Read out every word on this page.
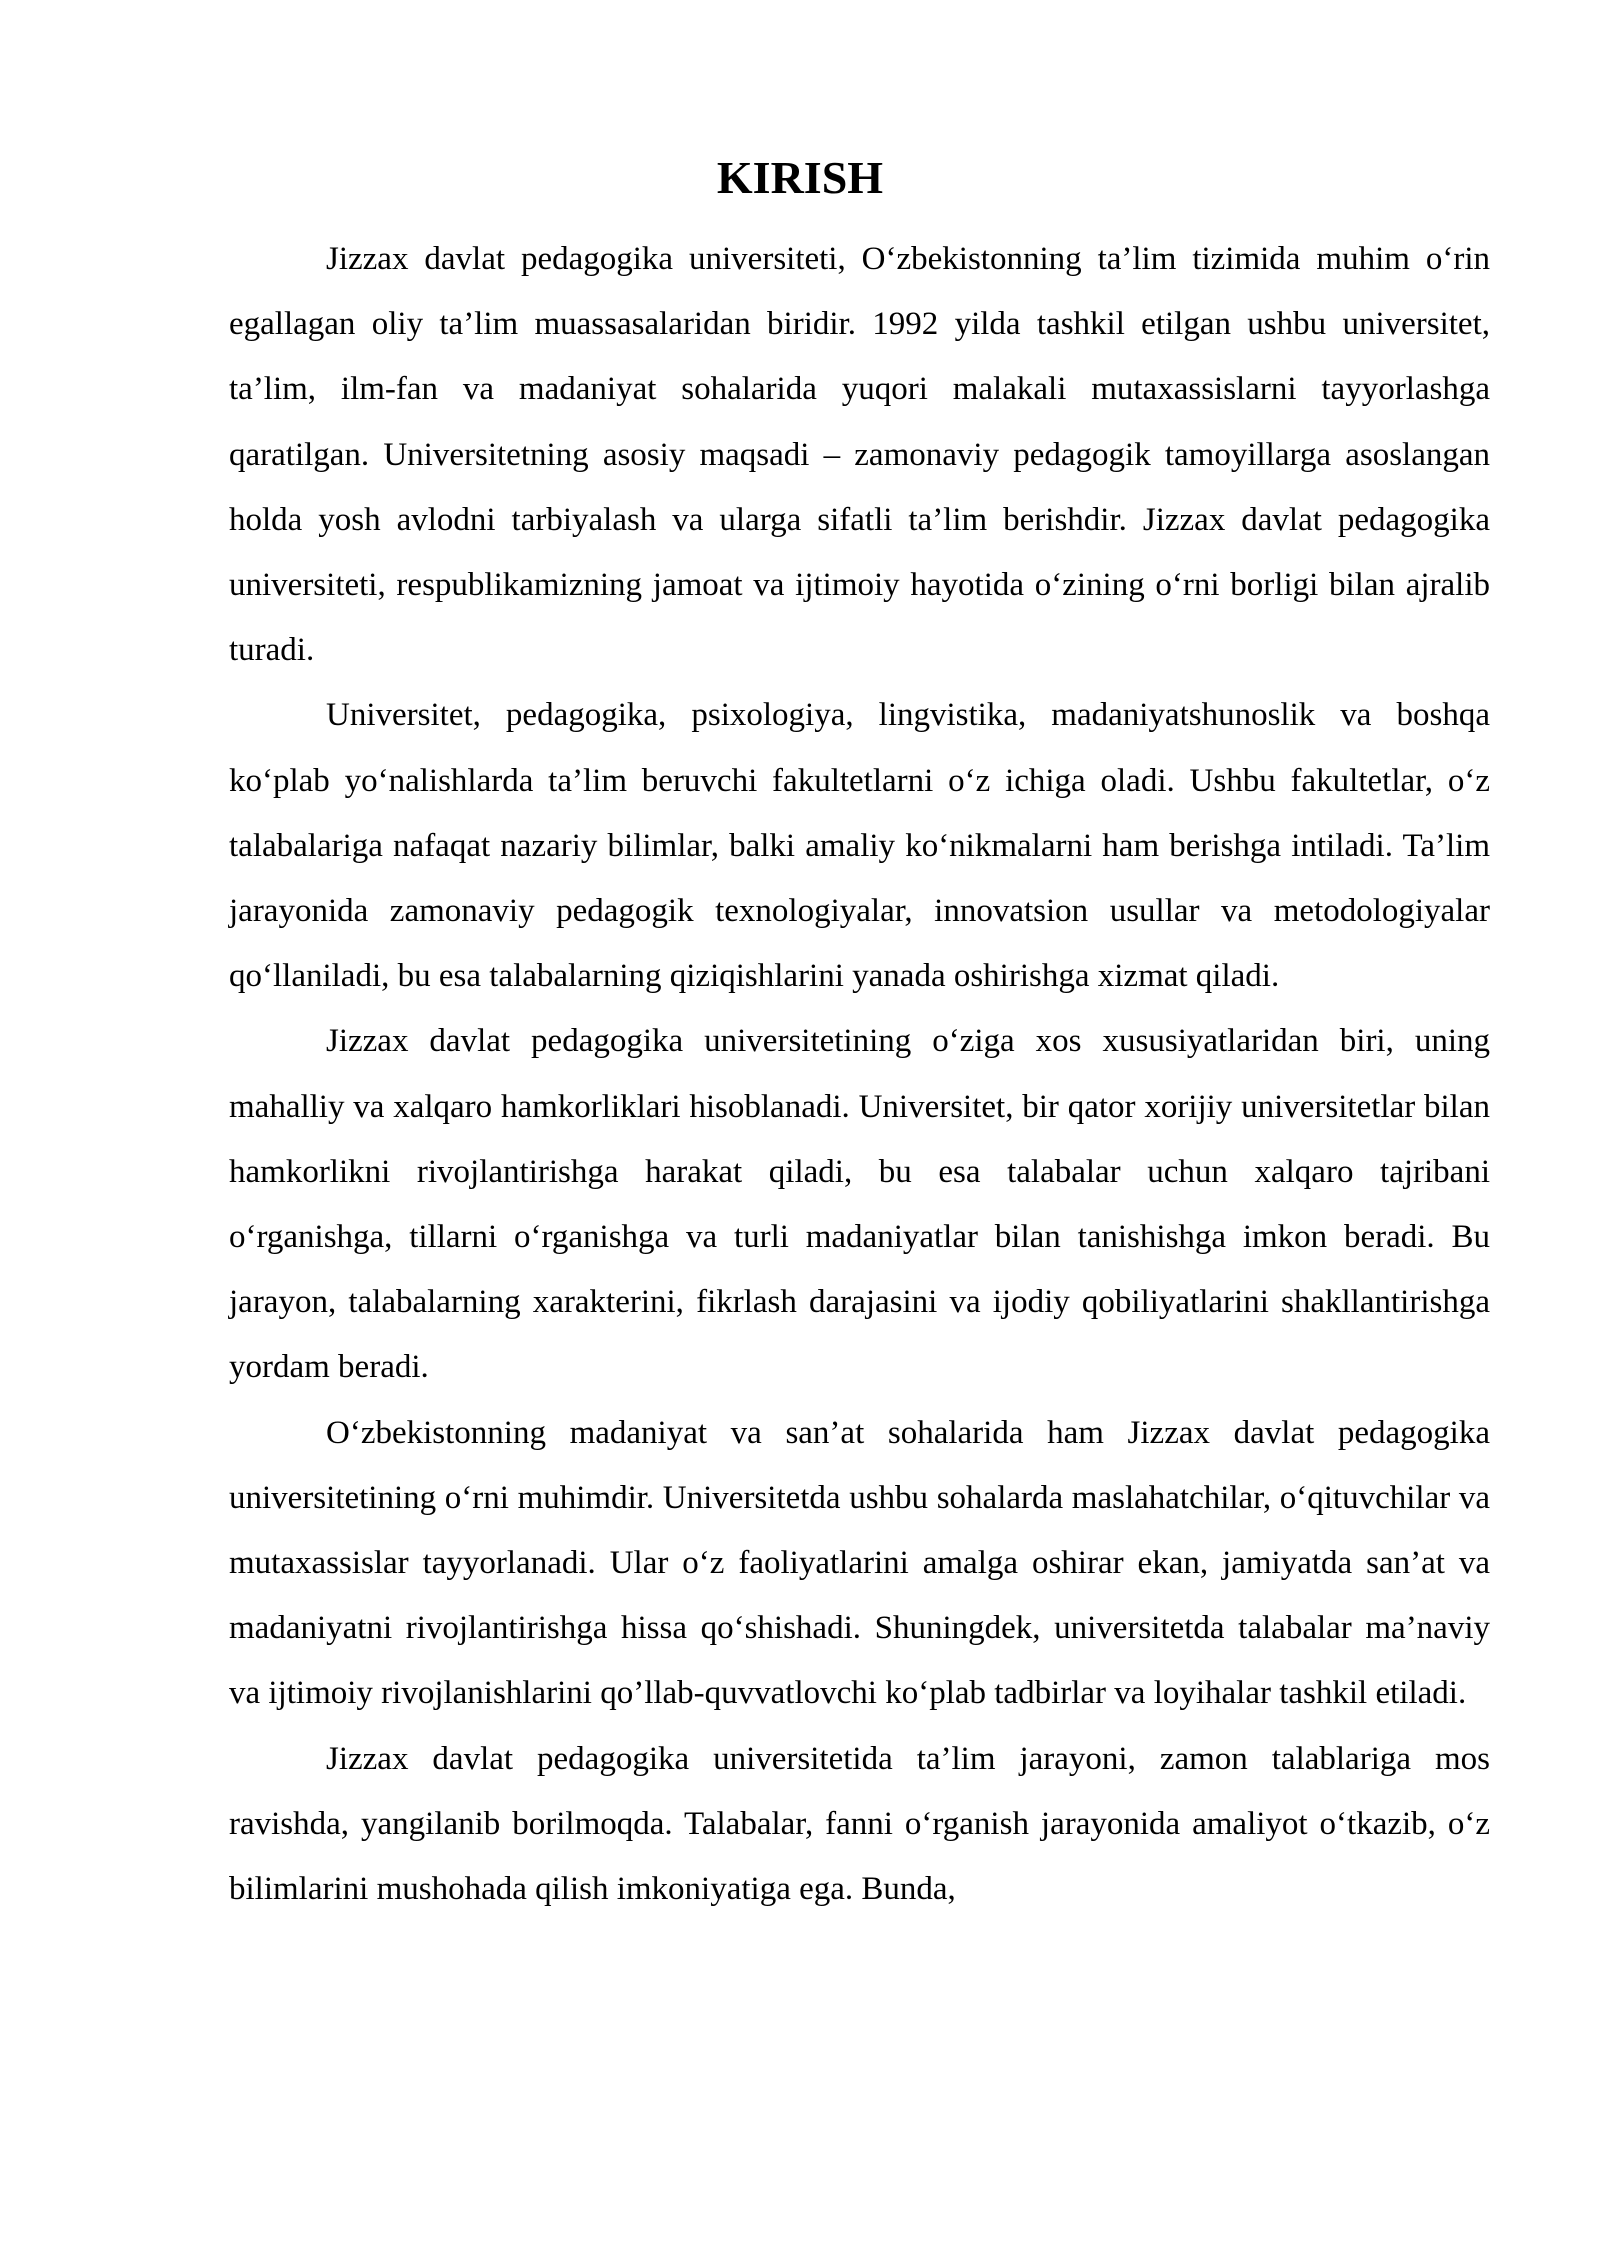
KIRISH

Jizzax davlat pedagogika universiteti, Oʻzbekistonning ta’lim tizimida muhim oʻrin egallagan oliy ta’lim muassasalaridan biridir. 1992 yilda tashkil etilgan ushbu universitet, ta’lim, ilm-fan va madaniyat sohalarida yuqori malakali mutaxassislarni tayyorlashga qaratilgan. Universitetning asosiy maqsadi – zamonaviy pedagogik tamoyillarga asoslangan holda yosh avlodni tarbiyalash va ularga sifatli ta’lim berishdir. Jizzax davlat pedagogika universiteti, respublikamizning jamoat va ijtimoiy hayotida oʻzining oʻrni borligi bilan ajralib turadi.

Universitet, pedagogika, psixologiya, lingvistika, madaniyatshunoslik va boshqa koʻplab yoʻnalishlarda ta’lim beruvchi fakultetlarni oʻz ichiga oladi. Ushbu fakultetlar, oʻz talabalariga nafaqat nazariy bilimlar, balki amaliy koʻnikmalarni ham berishga intiladi. Ta’lim jarayonida zamonaviy pedagogik texnologiyalar, innovatsion usullar va metodologiyalar qoʻllaniladi, bu esa talabalarning qiziqishlarini yanada oshirishga xizmat qiladi.

Jizzax davlat pedagogika universitetining oʻziga xos xususiyatlaridan biri, uning mahalliy va xalqaro hamkorliklari hisoblanadi. Universitet, bir qator xorijiy universitetlar bilan hamkorlikni rivojlantirishga harakat qiladi, bu esa talabalar uchun xalqaro tajribani oʻrganishga, tillarni oʻrganishga va turli madaniyatlar bilan tanishishga imkon beradi. Bu jarayon, talabalarning xarakterini, fikrlash darajasini va ijodiy qobiliyatlarini shakllantirishga yordam beradi.

Oʻzbekistonning madaniyat va san’at sohalarida ham Jizzax davlat pedagogika universitetining oʻrni muhimdir. Universitetda ushbu sohalarda maslahatchilar, oʻqituvchilar va mutaxassislar tayyorlanadi. Ular oʻz faoliyatlarini amalga oshirar ekan, jamiyatda san’at va madaniyatni rivojlantirishga hissa qoʻshishadi. Shuningdek, universitetda talabalar ma’naviy va ijtimoiy rivojlanishlarini qo’llab-quvvatlovchi koʻplab tadbirlar va loyihalar tashkil etiladi.

Jizzax davlat pedagogika universitetida ta’lim jarayoni, zamon talablariga mos ravishda, yangilanib borilmoqda. Talabalar, fanni oʻrganish jarayonida amaliyot oʻtkazib, oʻz bilimlarini mushohada qilish imkoniyatiga ega. Bunda,
